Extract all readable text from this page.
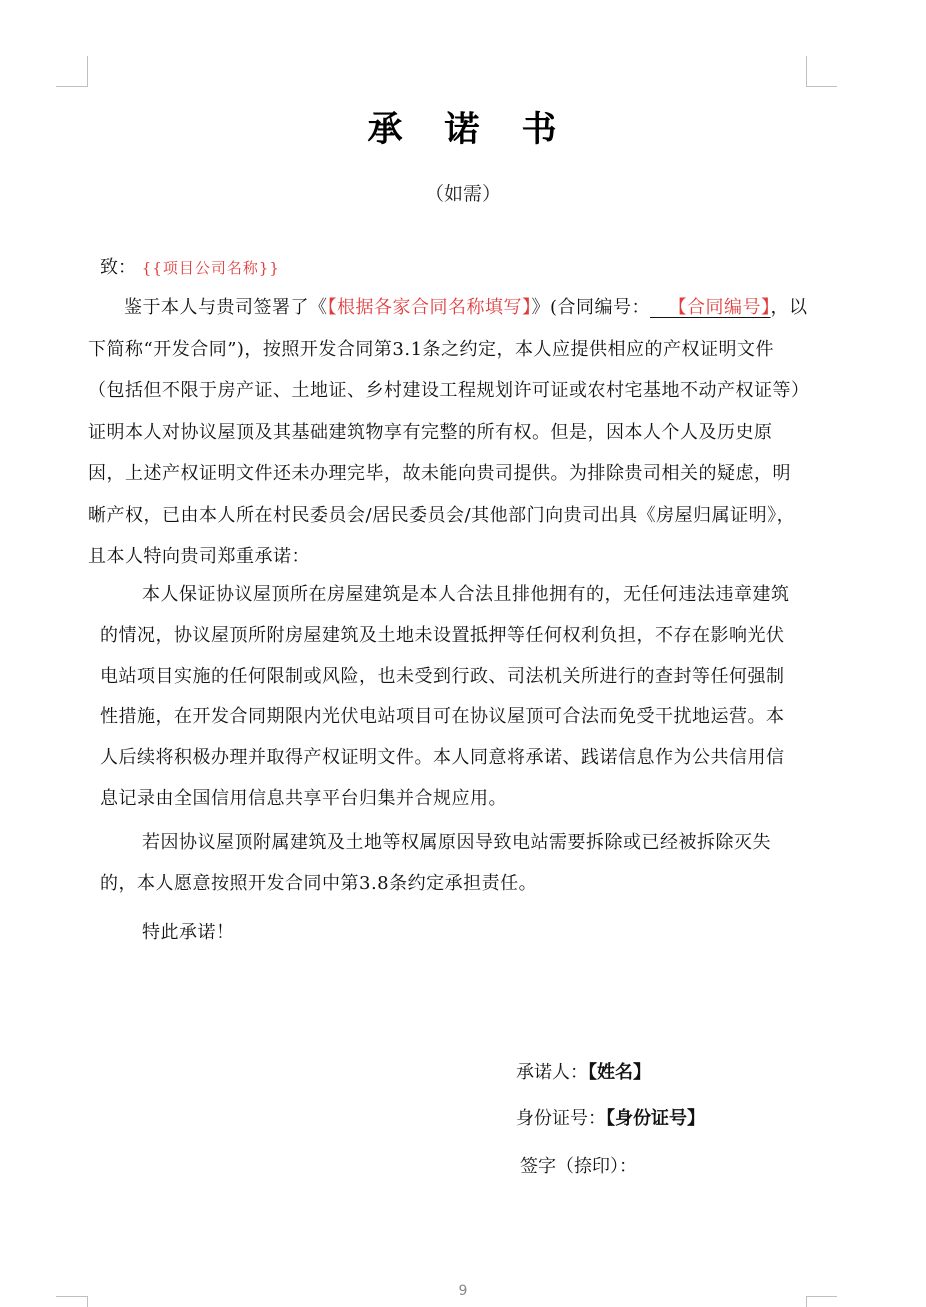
承 诺 书
（如需）
致： {{项目公司名称}}

鉴于本人与贵司签署了《【根据各家合同名称填写】》(合同编号：  【合同编号】，以下简称“开发合同”)，按照开发合同第3.1条之约定，本人应提供相应的产权证明文件（包括但不限于房产证、土地证、乡村建设工程规划许可证或农村宅基地不动产权证等）证明本人对协议屋顶及其基础建筑物享有完整的所有权。但是，因本人个人及历史原因，上述产权证明文件还未办理完毕，故未能向贵司提供。为排除贵司相关的疑虑，明晰产权，已由本人所在村民委员会/居民委员会/其他部门向贵司出具《房屋归属证明》，且本人特向贵司郑重承诺：

本人保证协议屋顶所在房屋建筑是本人合法且排他拥有的，无任何违法违章建筑的情况，协议屋顶所附房屋建筑及土地未设置抵押等任何权利负担，不存在影响光伏电站项目实施的任何限制或风险，也未受到行政、司法机关所进行的查封等任何强制性措施，在开发合同期限内光伏电站项目可在协议屋顶可合法而免受干扰地运营。本人后续将积极办理并取得产权证明文件。本人同意将承诺、践诺信息作为公共信用信息记录由全国信用信息共享平台归集并合规应用。

若因协议屋顶附属建筑及土地等权属原因导致电站需要拆除或已经被拆除灭失的，本人愿意按照开发合同中第3.8条约定承担责任。

特此承诺！
承诺人：【姓名】
身份证号：【身份证号】
签字（捺印）：
9
